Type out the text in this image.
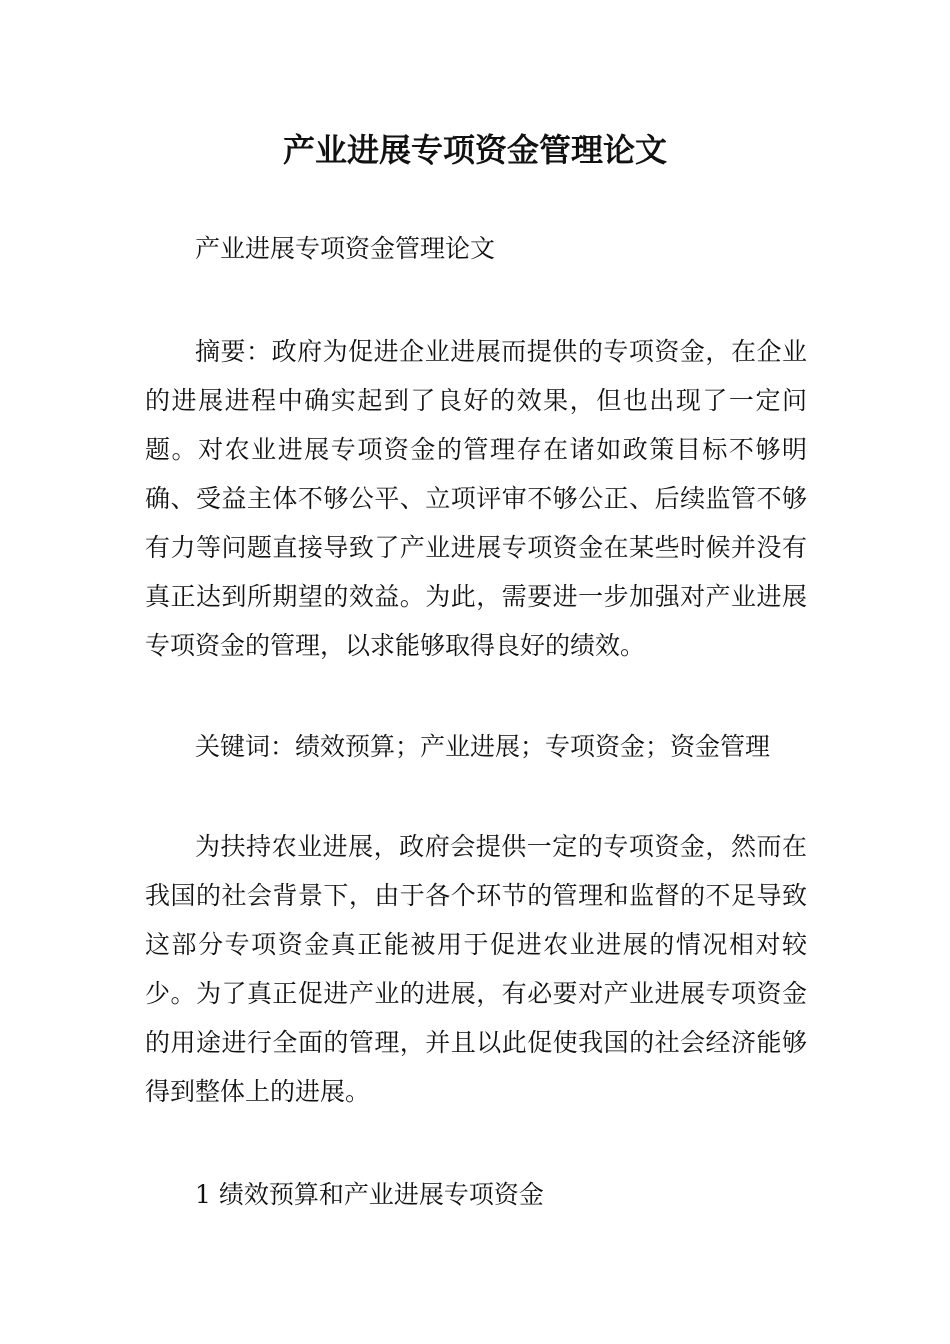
产业进展专项资金管理论文

产业进展专项资金管理论文

摘要：政府为促进企业进展而提供的专项资金，在企业的进展进程中确实起到了良好的效果，但也出现了一定问题。对农业进展专项资金的管理存在诸如政策目标不够明确、受益主体不够公平、立项评审不够公正、后续监管不够有力等问题直接导致了产业进展专项资金在某些时候并没有真正达到所期望的效益。为此，需要进一步加强对产业进展专项资金的管理，以求能够取得良好的绩效。

关键词：绩效预算；产业进展；专项资金；资金管理

为扶持农业进展，政府会提供一定的专项资金，然而在我国的社会背景下，由于各个环节的管理和监督的不足导致这部分专项资金真正能被用于促进农业进展的情况相对较少。为了真正促进产业的进展，有必要对产业进展专项资金的用途进行全面的管理，并且以此促使我国的社会经济能够得到整体上的进展。

1 绩效预算和产业进展专项资金
